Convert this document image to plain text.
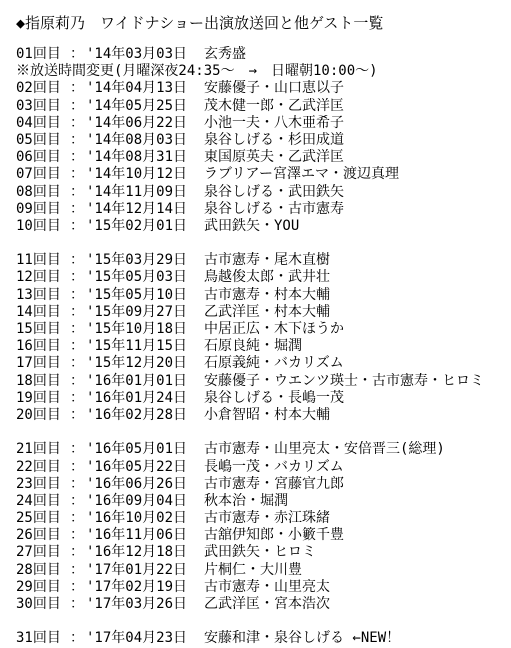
◆指原莉乃　ワイドナショー出演放送回と他ゲスト一覧
01回目 ： '14年03月03日	玄秀盛
※放送時間変更(月曜深夜24:35～　→　日曜朝10:00～)
02回目 ： '14年04月13日	安藤優子・山口恵以子
03回目 ： '14年05月25日	茂木健一郎・乙武洋匡
04回目 ： '14年06月22日	小池一夫・八木亜希子
05回目 ： '14年08月03日	泉谷しげる・杉田成道
06回目 ： '14年08月31日	東国原英夫・乙武洋匡
07回目 ： '14年10月12日	ラブリアー宮澤エマ・渡辺真理
08回目 ： '14年11月09日	泉谷しげる・武田鉄矢
09回目 ： '14年12月14日	泉谷しげる・古市憲寿
10回目 ： '15年02月01日	武田鉄矢・YOU
11回目 ： '15年03月29日	古市憲寿・尾木直樹
12回目 ： '15年05月03日	鳥越俊太郎・武井壮
13回目 ： '15年05月10日	古市憲寿・村本大輔
14回目 ： '15年09月27日	乙武洋匡・村本大輔
15回目 ： '15年10月18日	中居正広・木下ほうか
16回目 ： '15年11月15日	石原良純・堀潤
17回目 ： '15年12月20日	石原義純・バカリズム
18回目 ： '16年01月01日	安藤優子・ウエンツ瑛士・古市憲寿・ヒロミ
19回目 ： '16年01月24日	泉谷しげる・長嶋一茂
20回目 ： '16年02月28日	小倉智昭・村本大輔
21回目 ： '16年05月01日	古市憲寿・山里亮太・安倍晋三(総理)
22回目 ： '16年05月22日	長嶋一茂・バカリズム
23回目 ： '16年06月26日	古市憲寿・宮藤官九郎
24回目 ： '16年09月04日	秋本治・堀潤
25回目 ： '16年10月02日	古市憲寿・赤江珠緒
26回目 ： '16年11月06日	古舘伊知郎・小籔千豊
27回目 ： '16年12月18日	武田鉄矢・ヒロミ
28回目 ： '17年01月22日	片桐仁・大川豊
29回目 ： '17年02月19日	古市憲寿・山里亮太
30回目 ： '17年03月26日	乙武洋匡・宮本浩次
31回目 ： '17年04月23日	安藤和津・泉谷しげる ←NEW！
